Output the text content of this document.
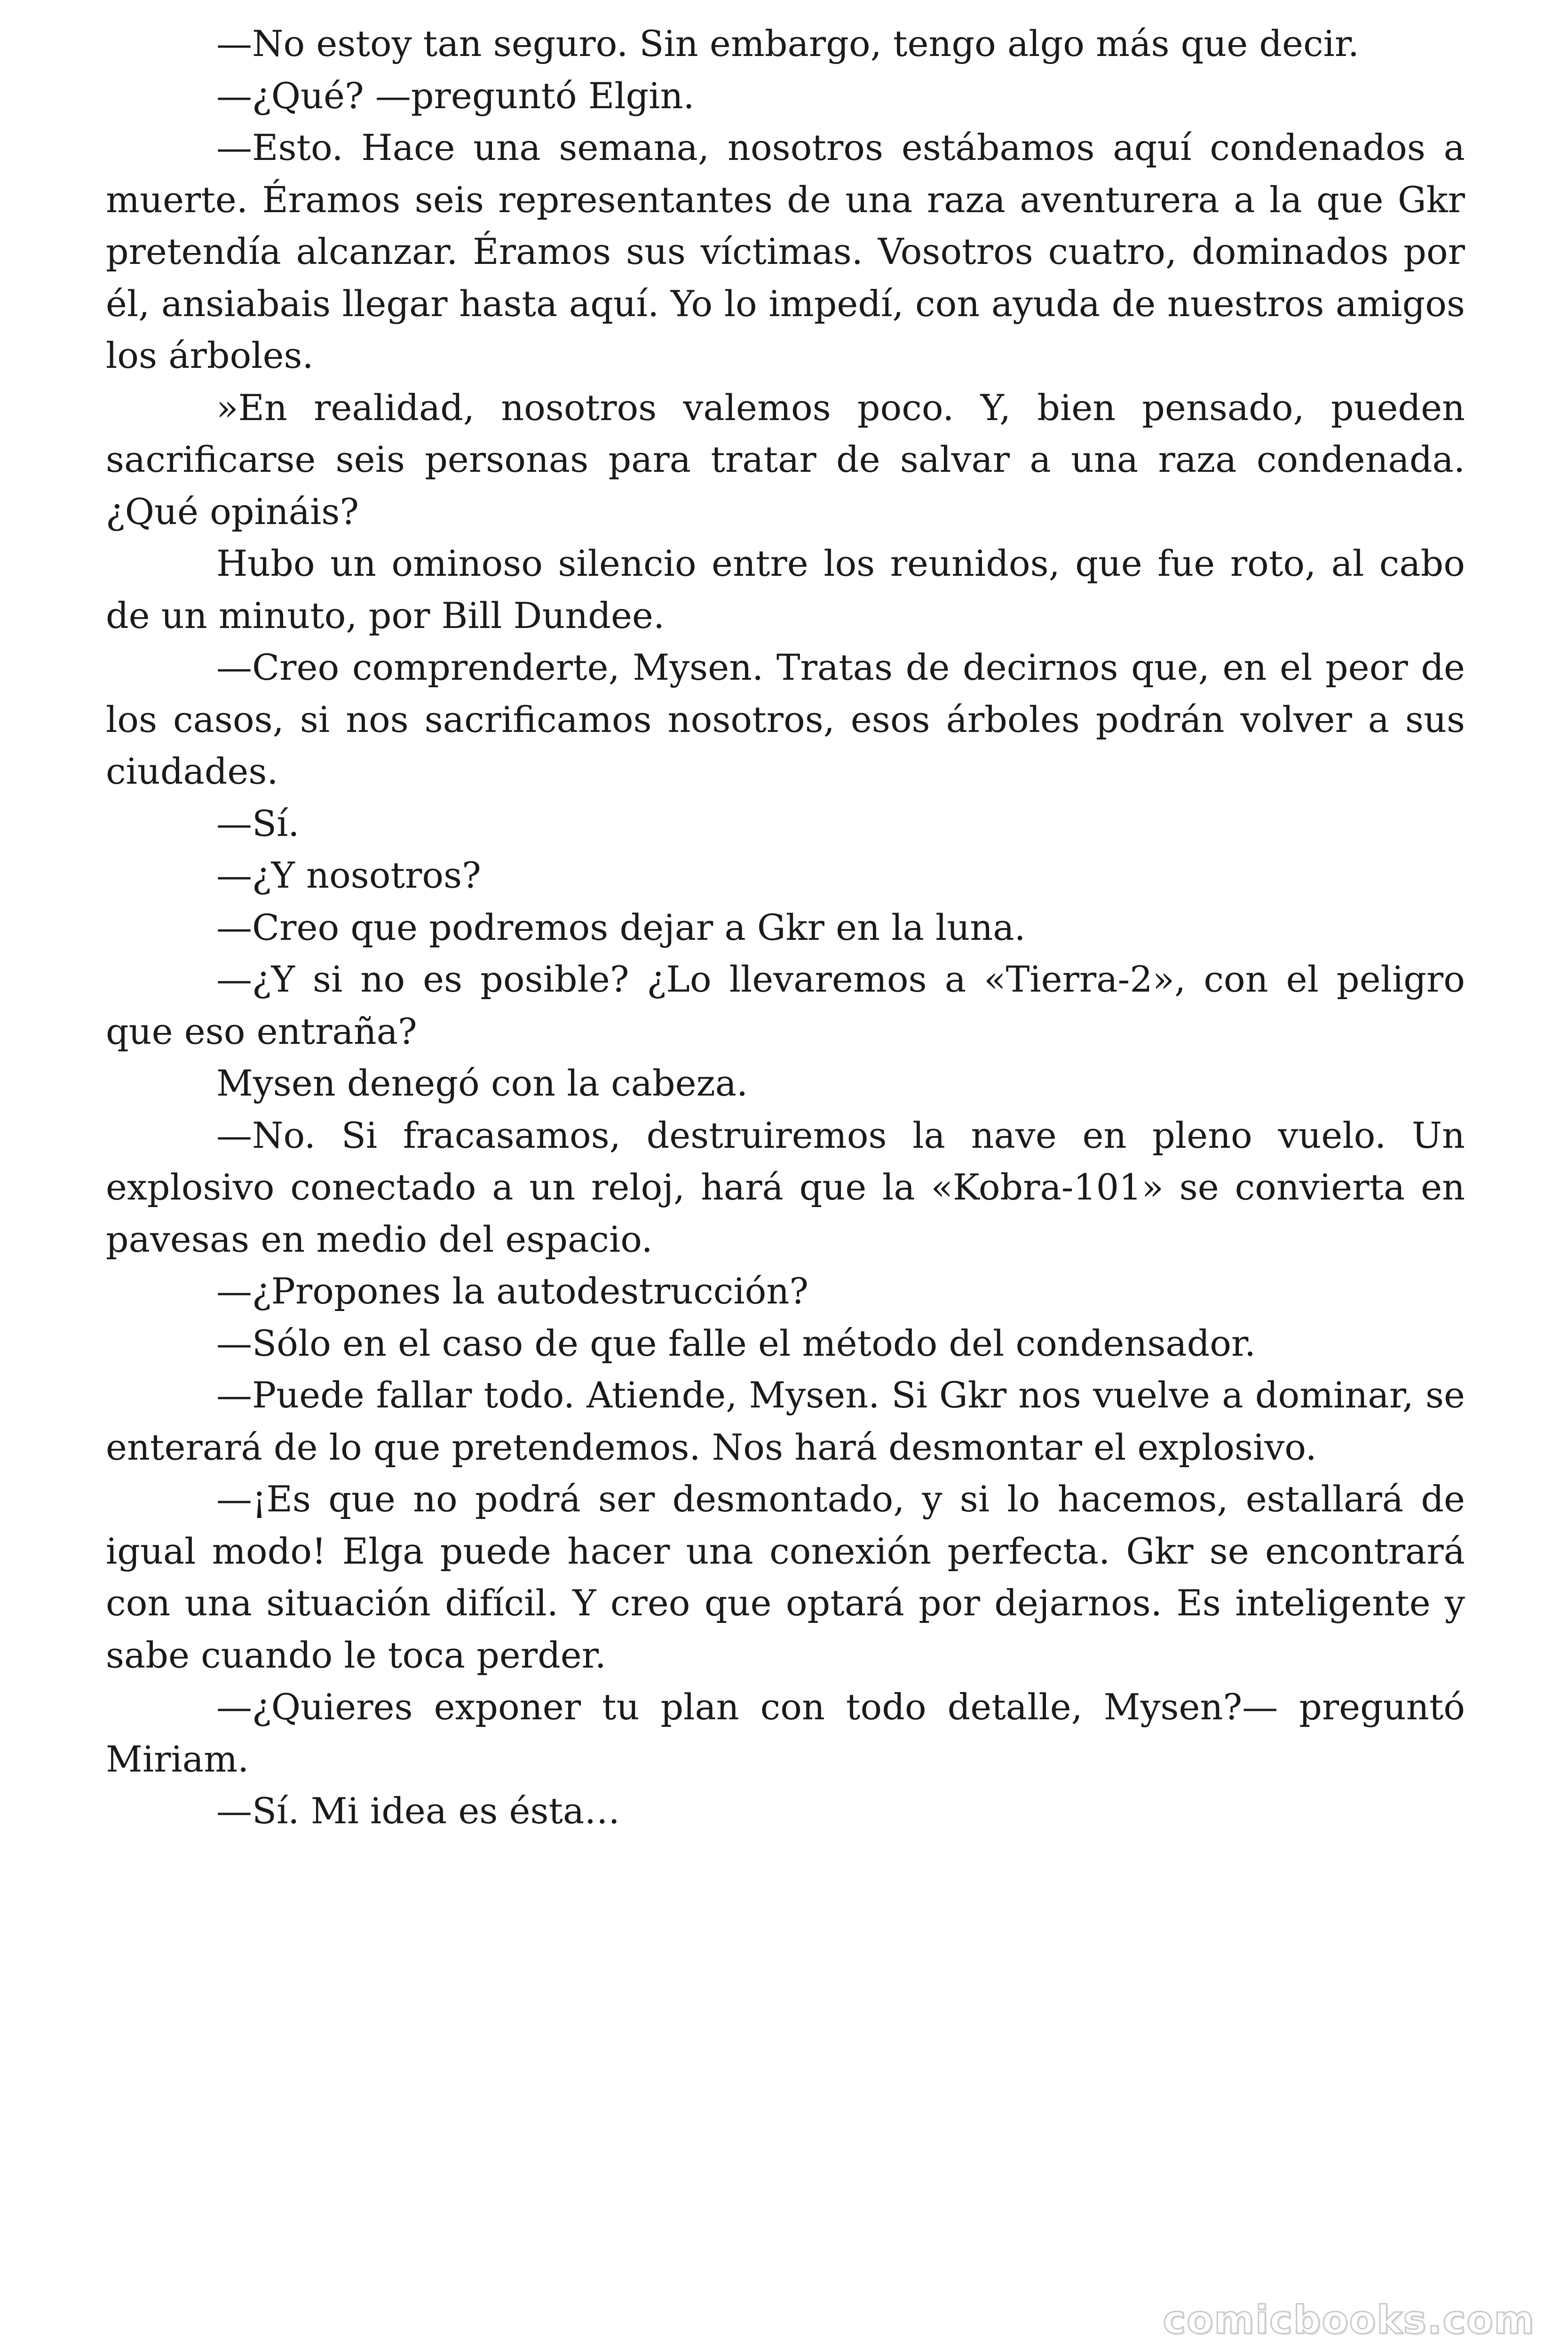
—No estoy tan seguro. Sin embargo, tengo algo más que decir.

—¿Qué? —preguntó Elgin.

—Esto. Hace una semana, nosotros estábamos aquí condenados a muerte. Éramos seis representantes de una raza aventurera a la que Gkr pretendía alcanzar. Éramos sus víctimas. Vosotros cuatro, dominados por él, ansiabais llegar hasta aquí. Yo lo impedí, con ayuda de nuestros amigos los árboles.

»En realidad, nosotros valemos poco. Y, bien pensado, pueden sacrificarse seis personas para tratar de salvar a una raza condenada. ¿Qué opináis?

Hubo un ominoso silencio entre los reunidos, que fue roto, al cabo de un minuto, por Bill Dundee.

—Creo comprenderte, Mysen. Tratas de decirnos que, en el peor de los casos, si nos sacrificamos nosotros, esos árboles podrán volver a sus ciudades.

—Sí.

—¿Y nosotros?

—Creo que podremos dejar a Gkr en la luna.

—¿Y si no es posible? ¿Lo llevaremos a «Tierra-2», con el peligro que eso entraña?

Mysen denegó con la cabeza.

—No. Si fracasamos, destruiremos la nave en pleno vuelo. Un explosivo conectado a un reloj, hará que la «Kobra-101» se convierta en pavesas en medio del espacio.

—¿Propones la autodestrucción?

—Sólo en el caso de que falle el método del condensador.

—Puede fallar todo. Atiende, Mysen. Si Gkr nos vuelve a dominar, se enterará de lo que pretendemos. Nos hará desmontar el explosivo.

—¡Es que no podrá ser desmontado, y si lo hacemos, estallará de igual modo! Elga puede hacer una conexión perfecta. Gkr se encontrará con una situación difícil. Y creo que optará por dejarnos. Es inteligente y sabe cuando le toca perder.

—¿Quieres exponer tu plan con todo detalle, Mysen?— preguntó Miriam.

—Sí. Mi idea es ésta…

comicbooks.com
